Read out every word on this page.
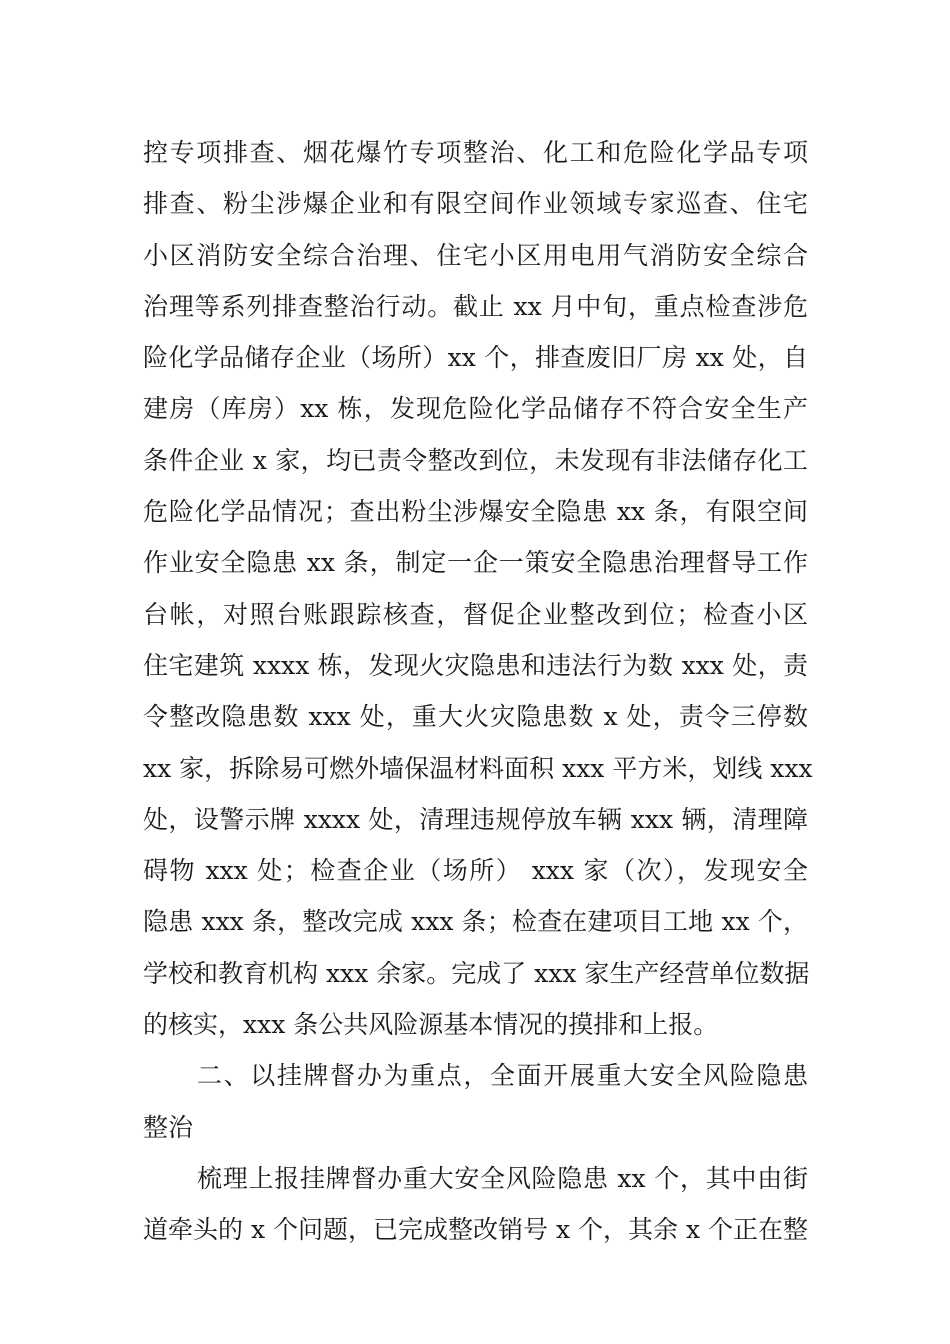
控专项排查、烟花爆竹专项整治、化工和危险化学品专项
排查、粉尘涉爆企业和有限空间作业领域专家巡查、住宅
小区消防安全综合治理、住宅小区用电用气消防安全综合
治理等系列排查整治行动。截止 xx 月中旬，重点检查涉危
险化学品储存企业（场所）xx 个，排查废旧厂房 xx 处，自
建房（库房）xx 栋，发现危险化学品储存不符合安全生产
条件企业 x 家，均已责令整改到位，未发现有非法储存化工
危险化学品情况；查出粉尘涉爆安全隐患 xx 条，有限空间
作业安全隐患 xx 条，制定一企一策安全隐患治理督导工作
台帐，对照台账跟踪核查，督促企业整改到位；检查小区
住宅建筑 xxxx 栋，发现火灾隐患和违法行为数 xxx 处，责
令整改隐患数 xxx 处，重大火灾隐患数 x 处，责令三停数
xx 家，拆除易可燃外墙保温材料面积 xxx 平方米，划线 xxx
处，设警示牌 xxxx 处，清理违规停放车辆 xxx 辆，清理障
碍物 xxx 处；检查企业（场所） xxx 家（次），发现安全
隐患 xxx 条，整改完成 xxx 条；检查在建项目工地 xx 个，
学校和教育机构 xxx 余家。完成了 xxx 家生产经营单位数据
的核实，xxx 条公共风险源基本情况的摸排和上报。
二、以挂牌督办为重点，全面开展重大安全风险隐患
整治
梳理上报挂牌督办重大安全风险隐患 xx 个，其中由街
道牵头的 x 个问题，已完成整改销号 x 个，其余 x 个正在整
